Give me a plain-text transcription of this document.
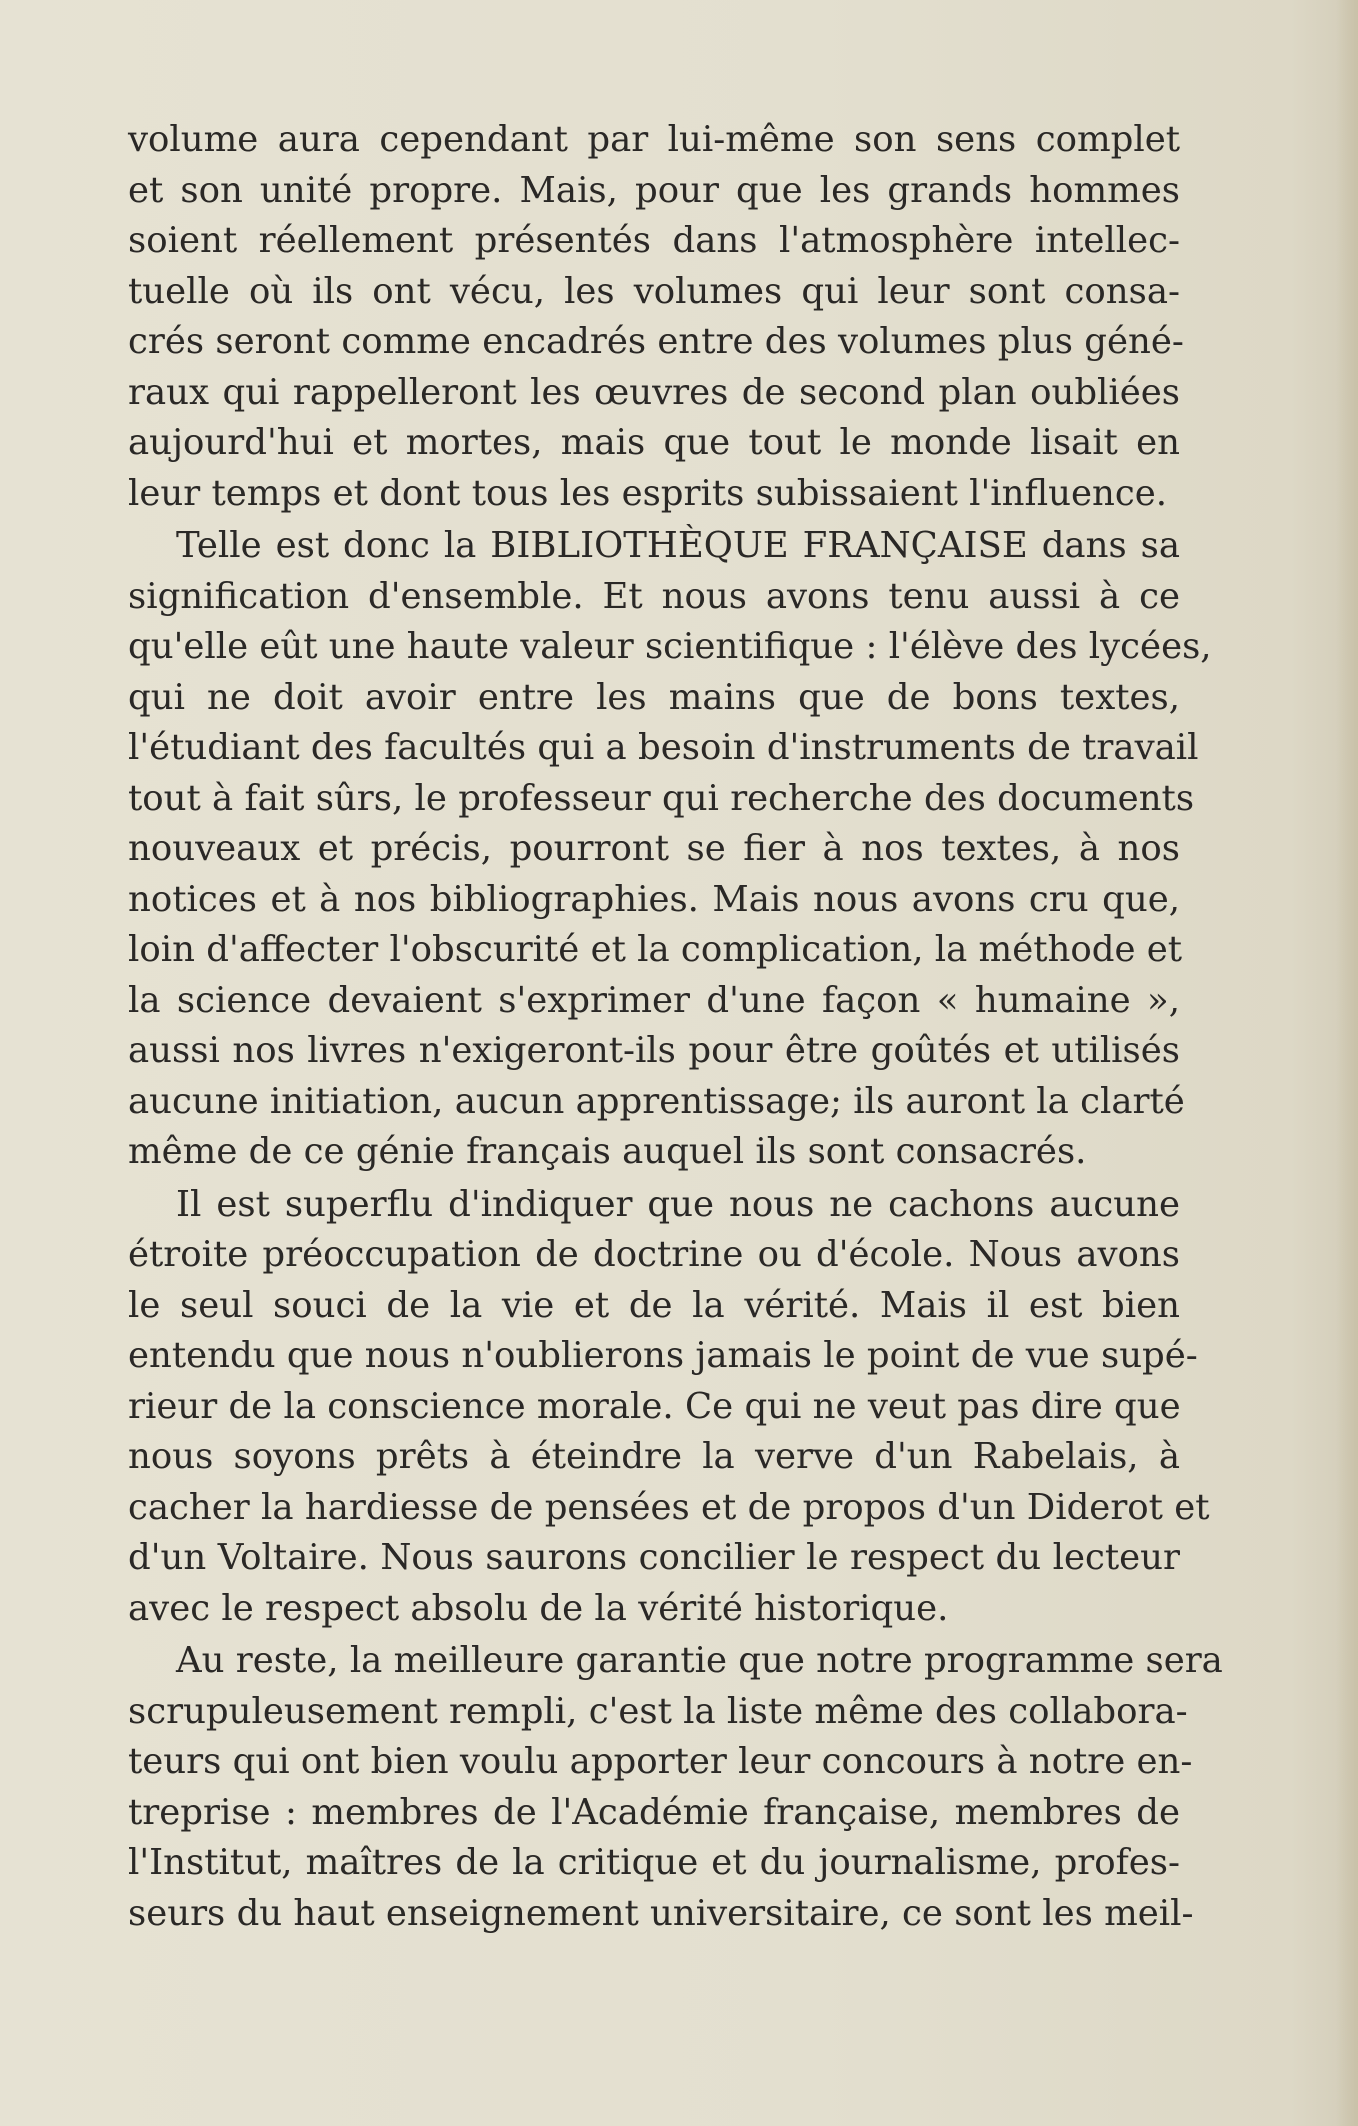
volume aura cependant par lui-même son sens complet
et son unité propre. Mais, pour que les grands hommes
soient réellement présentés dans l'atmosphère intellec-
tuelle où ils ont vécu, les volumes qui leur sont consa-
crés seront comme encadrés entre des volumes plus géné-
raux qui rappelleront les œuvres de second plan oubliées
aujourd'hui et mortes, mais que tout le monde lisait en
leur temps et dont tous les esprits subissaient l'influence.
Telle est donc la BIBLIOTHÈQUE FRANÇAISE dans sa
signification d'ensemble. Et nous avons tenu aussi à ce
qu'elle eût une haute valeur scientifique : l'élève des lycées,
qui ne doit avoir entre les mains que de bons textes,
l'étudiant des facultés qui a besoin d'instruments de travail
tout à fait sûrs, le professeur qui recherche des documents
nouveaux et précis, pourront se fier à nos textes, à nos
notices et à nos bibliographies. Mais nous avons cru que,
loin d'affecter l'obscurité et la complication, la méthode et
la science devaient s'exprimer d'une façon « humaine »,
aussi nos livres n'exigeront-ils pour être goûtés et utilisés
aucune initiation, aucun apprentissage; ils auront la clarté
même de ce génie français auquel ils sont consacrés.
Il est superflu d'indiquer que nous ne cachons aucune
étroite préoccupation de doctrine ou d'école. Nous avons
le seul souci de la vie et de la vérité. Mais il est bien
entendu que nous n'oublierons jamais le point de vue supé-
rieur de la conscience morale. Ce qui ne veut pas dire que
nous soyons prêts à éteindre la verve d'un Rabelais, à
cacher la hardiesse de pensées et de propos d'un Diderot et
d'un Voltaire. Nous saurons concilier le respect du lecteur
avec le respect absolu de la vérité historique.
Au reste, la meilleure garantie que notre programme sera
scrupuleusement rempli, c'est la liste même des collabora-
teurs qui ont bien voulu apporter leur concours à notre en-
treprise : membres de l'Académie française, membres de
l'Institut, maîtres de la critique et du journalisme, profes-
seurs du haut enseignement universitaire, ce sont les meil-
